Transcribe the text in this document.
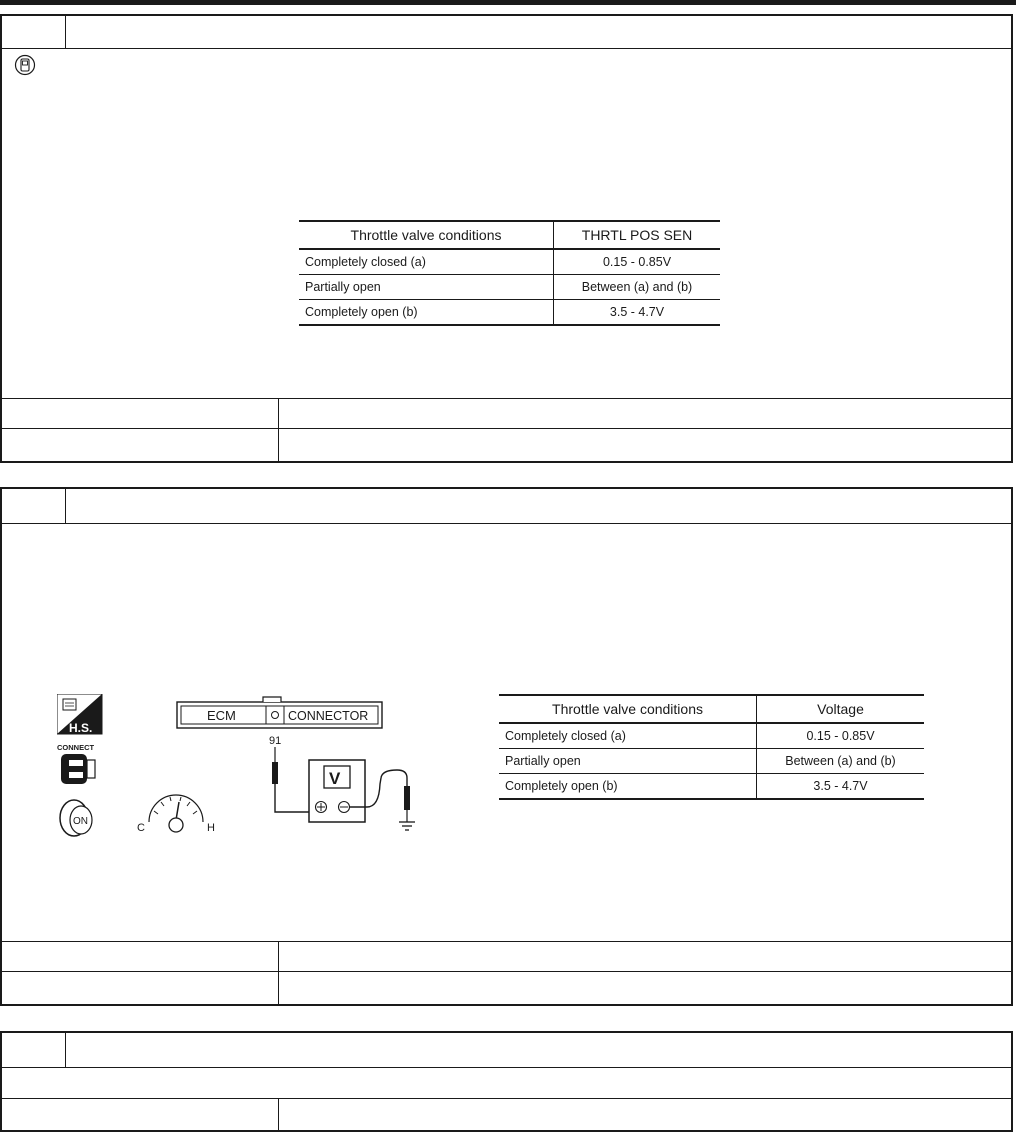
Throttle valve conditions	THRTL POS SEN
Completely closed (a)	0.15 - 0.85V
Partially open	Between (a) and (b)
Completely open (b)	3.5 - 4.7V
H.S.
CONNECT
ON
C	H
ECM	CONNECTOR
91
V
Throttle valve conditions	Voltage
Completely closed (a)	0.15 - 0.85V
Partially open	Between (a) and (b)
Completely open (b)	3.5 - 4.7V
